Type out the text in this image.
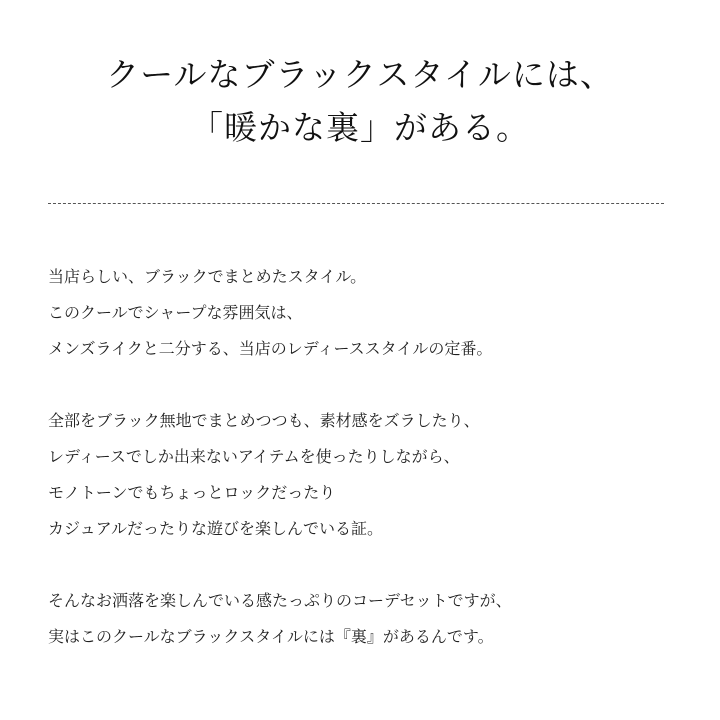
クールなブラックスタイルには、
「暖かな裏」がある。
当店らしい、ブラックでまとめたスタイル。
このクールでシャープな雰囲気は、
メンズライクと二分する、当店のレディーススタイルの定番。
全部をブラック無地でまとめつつも、素材感をズラしたり、
レディースでしか出来ないアイテムを使ったりしながら、
モノトーンでもちょっとロックだったり
カジュアルだったりな遊びを楽しんでいる証。
そんなお洒落を楽しんでいる感たっぷりのコーデセットですが、
実はこのクールなブラックスタイルには『裏』があるんです。
